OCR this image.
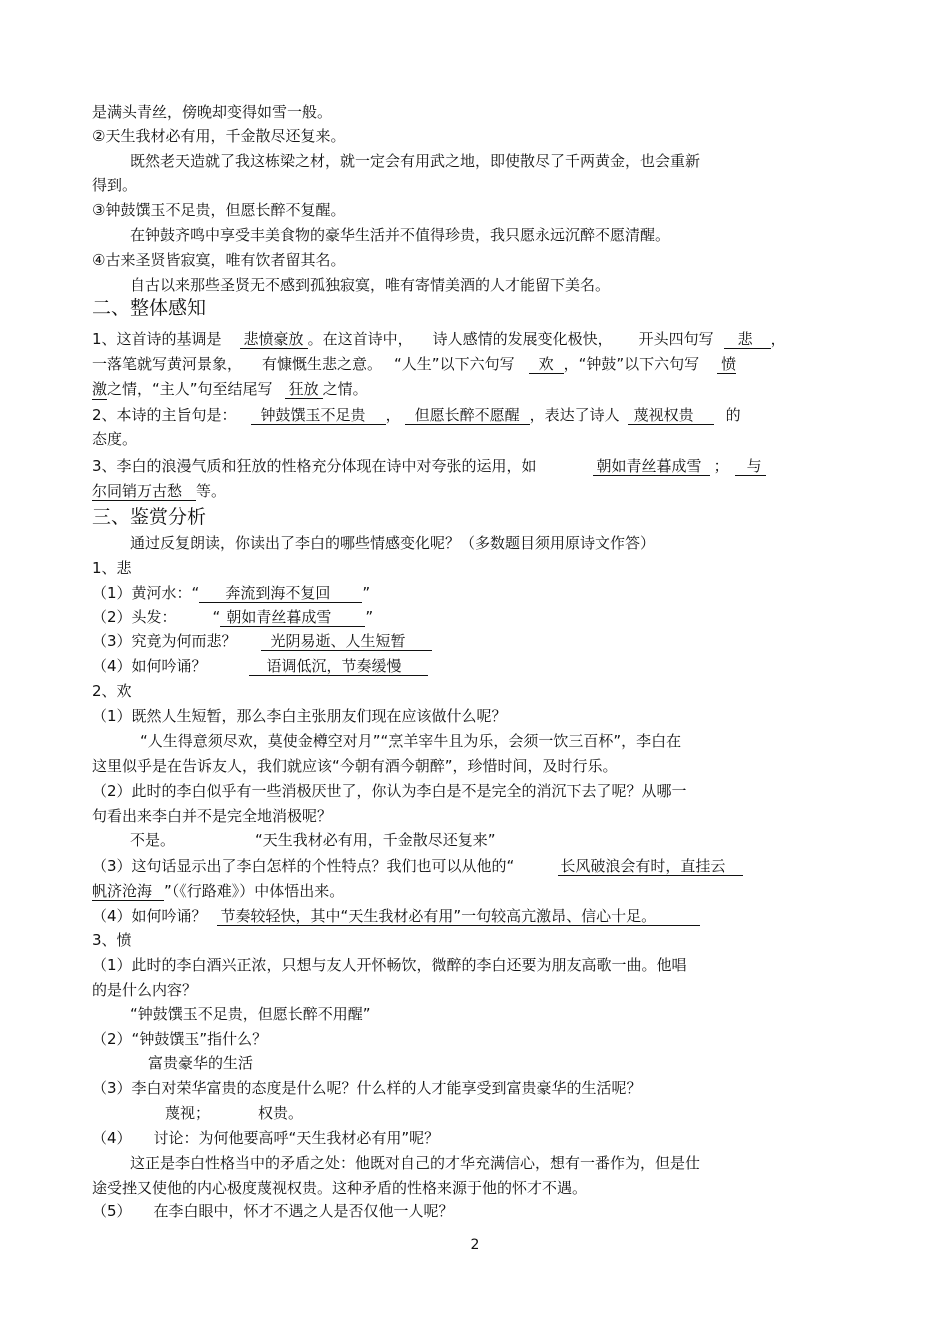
是满头青丝，傍晚却变得如雪一般。
②天生我材必有用，千金散尽还复来。
既然老天造就了我这栋梁之材，就一定会有用武之地，即使散尽了千两黄金，也会重新
得到。
③钟鼓馔玉不足贵，但愿长醉不复醒。
在钟鼓齐鸣中享受丰美食物的豪华生活并不值得珍贵，我只愿永远沉醉不愿清醒。
④古来圣贤皆寂寞，唯有饮者留其名。
自古以来那些圣贤无不感到孤独寂寞，唯有寄情美酒的人才能留下美名。
二、整体感知
1、这首诗的基调是 悲愤豪放 。在这首诗中， 诗人感情的发展变化极快， 开头四句写 悲 ，
一落笔就写黄河景象， 有慷慨生悲之意。 “人生”以下六句写 欢 ，“钟鼓”以下六句写 愤
激之情，“主人”句至结尾写 狂放 之情。
2、本诗的主旨句是： 钟鼓馔玉不足贵 ， 但愿长醉不愿醒 ，表达了诗人 蔑视权贵 的
态度。
3、李白的浪漫气质和狂放的性格充分体现在诗中对夸张的运用，如	朝如青丝暮成雪 ； 与
尔同销万古愁 等。
三、鉴赏分析
通过反复朗读，你读出了李白的哪些情感变化呢？（多数题目须用原诗文作答）
1、悲
（1）黄河水：“ 奔流到海不复回 ”
（2）头发： “ 朝如青丝暮成雪 ”
（3）究竟为何而悲？ 光阴易逝、人生短暂
（4）如何吟诵？	语调低沉，节奏缓慢
2、欢
（1）既然人生短暂，那么李白主张朋友们现在应该做什么呢？
“人生得意须尽欢，莫使金樽空对月”“烹羊宰牛且为乐，会须一饮三百杯”，李白在
这里似乎是在告诉友人，我们就应该“今朝有酒今朝醉”，珍惜时间，及时行乐。
（2）此时的李白似乎有一些消极厌世了，你认为李白是不是完全的消沉下去了呢？从哪一
句看出来李白并不是完全地消极呢？
不是。	“天生我材必有用，千金散尽还复来”
（3）这句话显示出了李白怎样的个性特点？我们也可以从他的“	长风破浪会有时，直挂云
帆济沧海 ”（《行路难》）中体悟出来。
（4）如何吟诵？ 节奏较轻快，其中“天生我材必有用”一句较高亢激昂、信心十足。
3、愤
（1）此时的李白酒兴正浓，只想与友人开怀畅饮，微醉的李白还要为朋友高歌一曲。他唱
的是什么内容？
“钟鼓馔玉不足贵，但愿长醉不用醒”
（2）“钟鼓馔玉”指什么？
富贵豪华的生活
（3）李白对荣华富贵的态度是什么呢？什么样的人才能享受到富贵豪华的生活呢？
蔑视；	权贵。
（4） 讨论：为何他要高呼“天生我材必有用”呢？
这正是李白性格当中的矛盾之处：他既对自己的才华充满信心，想有一番作为，但是仕
途受挫又使他的内心极度蔑视权贵。这种矛盾的性格来源于他的怀才不遇。
（5） 在李白眼中，怀才不遇之人是否仅他一人呢？
2
